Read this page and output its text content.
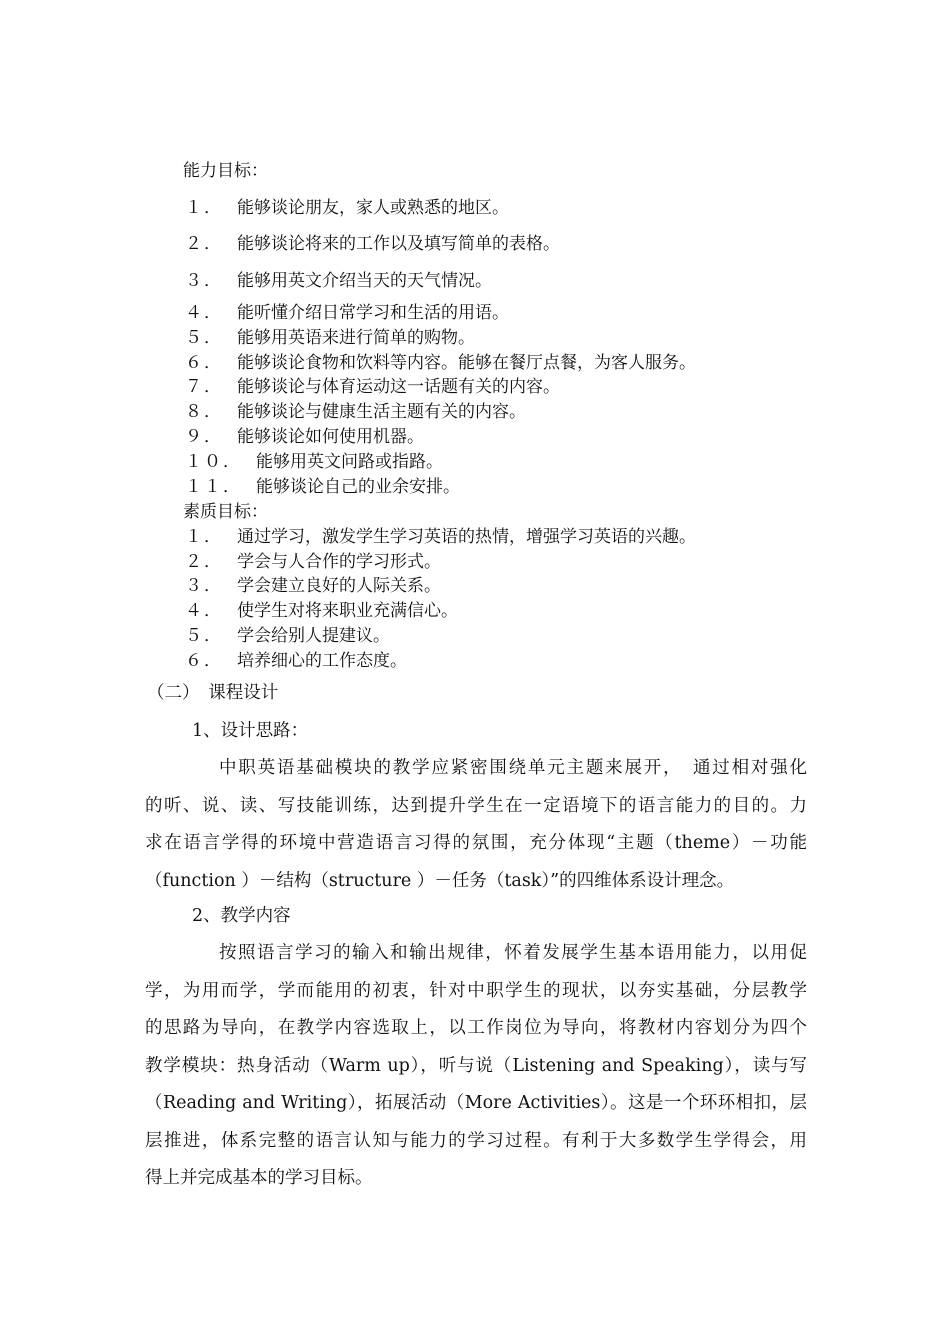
能力目标：
１． 能够谈论朋友，家人或熟悉的地区。
２． 能够谈论将来的工作以及填写简单的表格。
３． 能够用英文介绍当天的天气情况。
４． 能听懂介绍日常学习和生活的用语。
５． 能够用英语来进行简单的购物。
６． 能够谈论食物和饮料等内容。能够在餐厅点餐，为客人服务。
７． 能够谈论与体育运动这一话题有关的内容。
８． 能够谈论与健康生活主题有关的内容。
９． 能够谈论如何使用机器。
１０． 能够用英文问路或指路。
１１． 能够谈论自己的业余安排。
素质目标：
１． 通过学习，激发学生学习英语的热情，增强学习英语的兴趣。
２． 学会与人合作的学习形式。
３． 学会建立良好的人际关系。
４． 使学生对将来职业充满信心。
５． 学会给别人提建议。
６． 培养细心的工作态度。
（二）　课程设计
1、设计思路：
中职英语基础模块的教学应紧密围绕单元主题来展开，　通过相对强化
的听、说、读、写技能训练，达到提升学生在一定语境下的语言能力的目的。力
求在语言学得的环境中营造语言习得的氛围，充分体现“主题（theme）－功能
（function ）－结构（structure ）－任务（task）”的四维体系设计理念。
2、教学内容
按照语言学习的输入和输出规律，怀着发展学生基本语用能力，以用促
学，为用而学，学而能用的初衷，针对中职学生的现状，以夯实基础，分层教学
的思路为导向，在教学内容选取上，以工作岗位为导向，将教材内容划分为四个
教学模块：热身活动（Warm up），听与说（Listening and Speaking），读与写
（Reading and Writing），拓展活动（More Activities）。这是一个环环相扣，层
层推进，体系完整的语言认知与能力的学习过程。有利于大多数学生学得会，用
得上并完成基本的学习目标。
